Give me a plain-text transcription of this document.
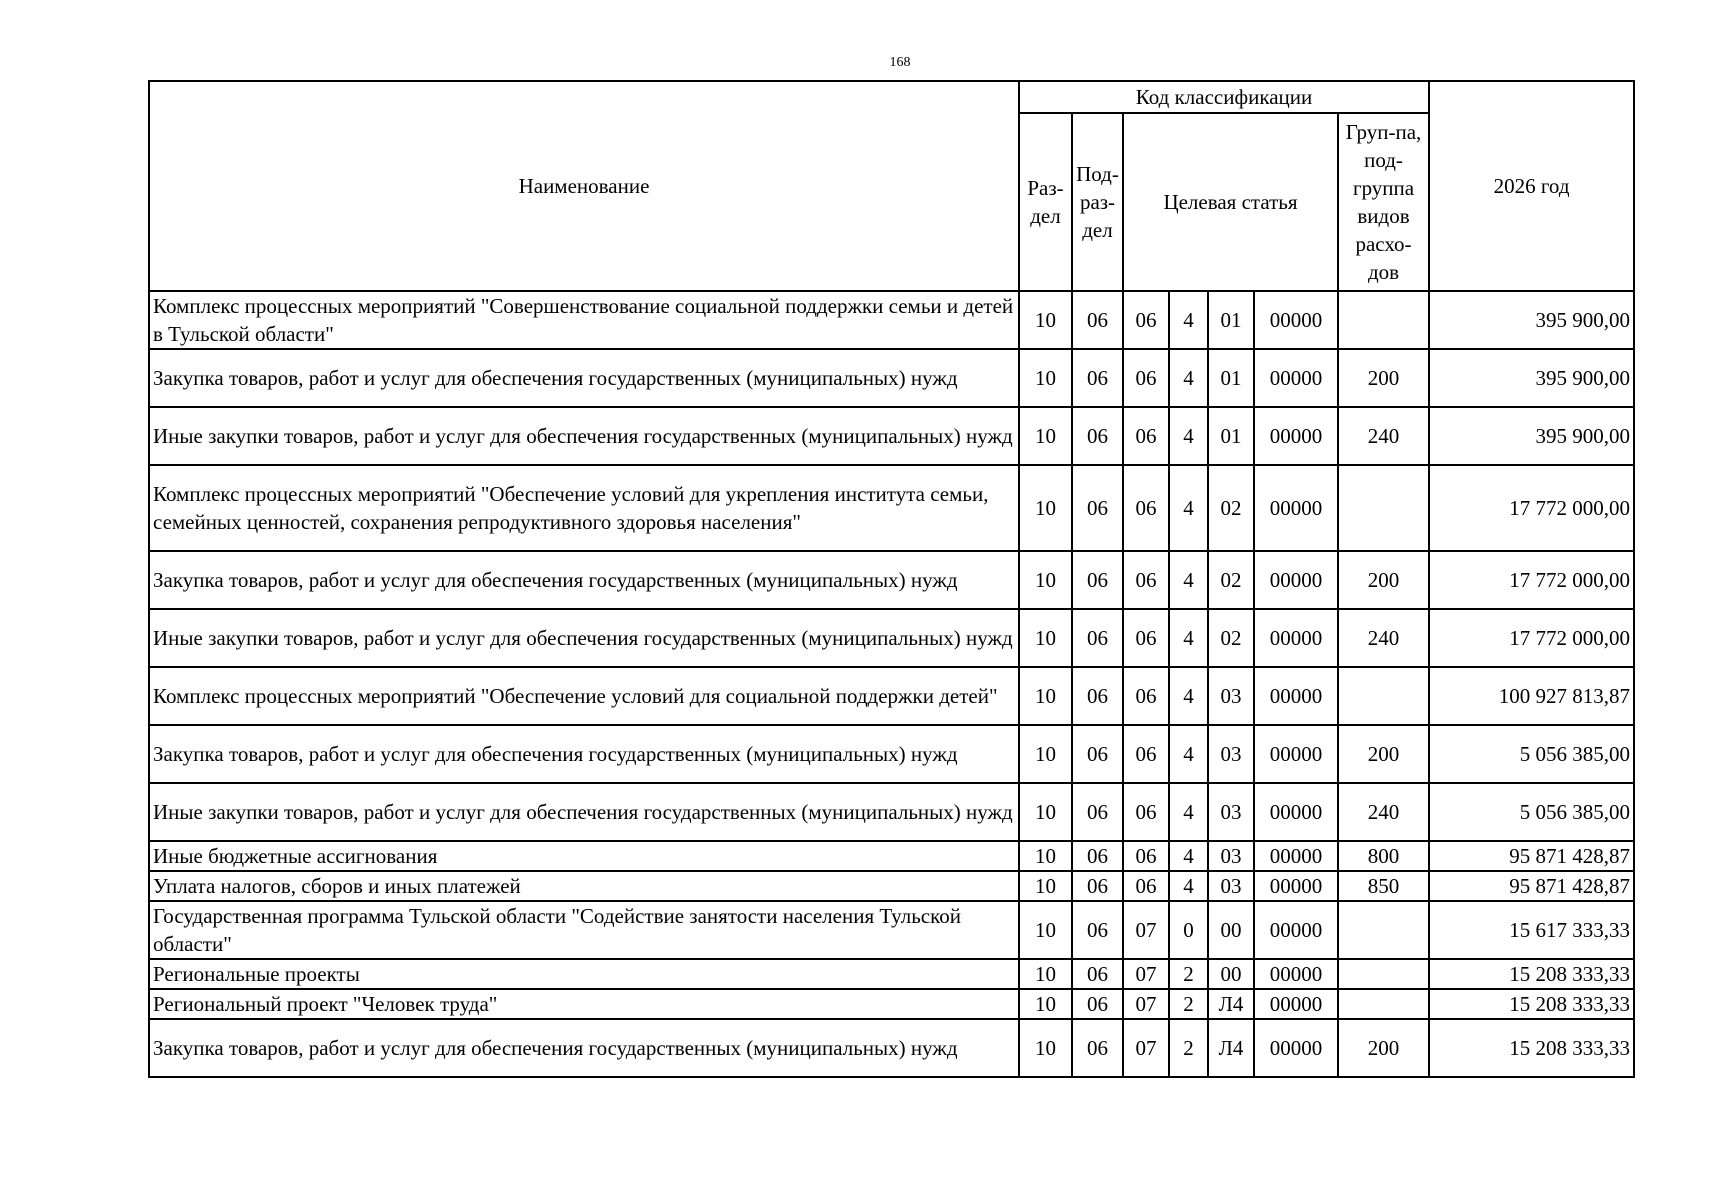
168
Наименование	Код классификации							2026 год
	Раз-дел	Под-раз-дел	Целевая статья				Груп-па, под-группа видов расхо-дов	
Комплекс процессных мероприятий "Совершенствование социальной поддержки семьи и детей в Тульской области"	10	06	06	4	01	00000		395 900,00
Закупка товаров, работ и услуг для обеспечения государственных (муниципальных) нужд	10	06	06	4	01	00000	200	395 900,00
Иные закупки товаров, работ и услуг для обеспечения государственных (муниципальных) нужд	10	06	06	4	01	00000	240	395 900,00
Комплекс процессных мероприятий "Обеспечение условий для укрепления института семьи, семейных ценностей, сохранения репродуктивного здоровья населения"	10	06	06	4	02	00000		17 772 000,00
Закупка товаров, работ и услуг для обеспечения государственных (муниципальных) нужд	10	06	06	4	02	00000	200	17 772 000,00
Иные закупки товаров, работ и услуг для обеспечения государственных (муниципальных) нужд	10	06	06	4	02	00000	240	17 772 000,00
Комплекс процессных мероприятий "Обеспечение условий для социальной поддержки детей"	10	06	06	4	03	00000		100 927 813,87
Закупка товаров, работ и услуг для обеспечения государственных (муниципальных) нужд	10	06	06	4	03	00000	200	5 056 385,00
Иные закупки товаров, работ и услуг для обеспечения государственных (муниципальных) нужд	10	06	06	4	03	00000	240	5 056 385,00
Иные бюджетные ассигнования	10	06	06	4	03	00000	800	95 871 428,87
Уплата налогов, сборов и иных платежей	10	06	06	4	03	00000	850	95 871 428,87
Государственная программа Тульской области "Содействие занятости населения Тульской области"	10	06	07	0	00	00000		15 617 333,33
Региональные проекты	10	06	07	2	00	00000		15 208 333,33
Региональный проект "Человек труда"	10	06	07	2	Л4	00000		15 208 333,33
Закупка товаров, работ и услуг для обеспечения государственных (муниципальных) нужд	10	06	07	2	Л4	00000	200	15 208 333,33
